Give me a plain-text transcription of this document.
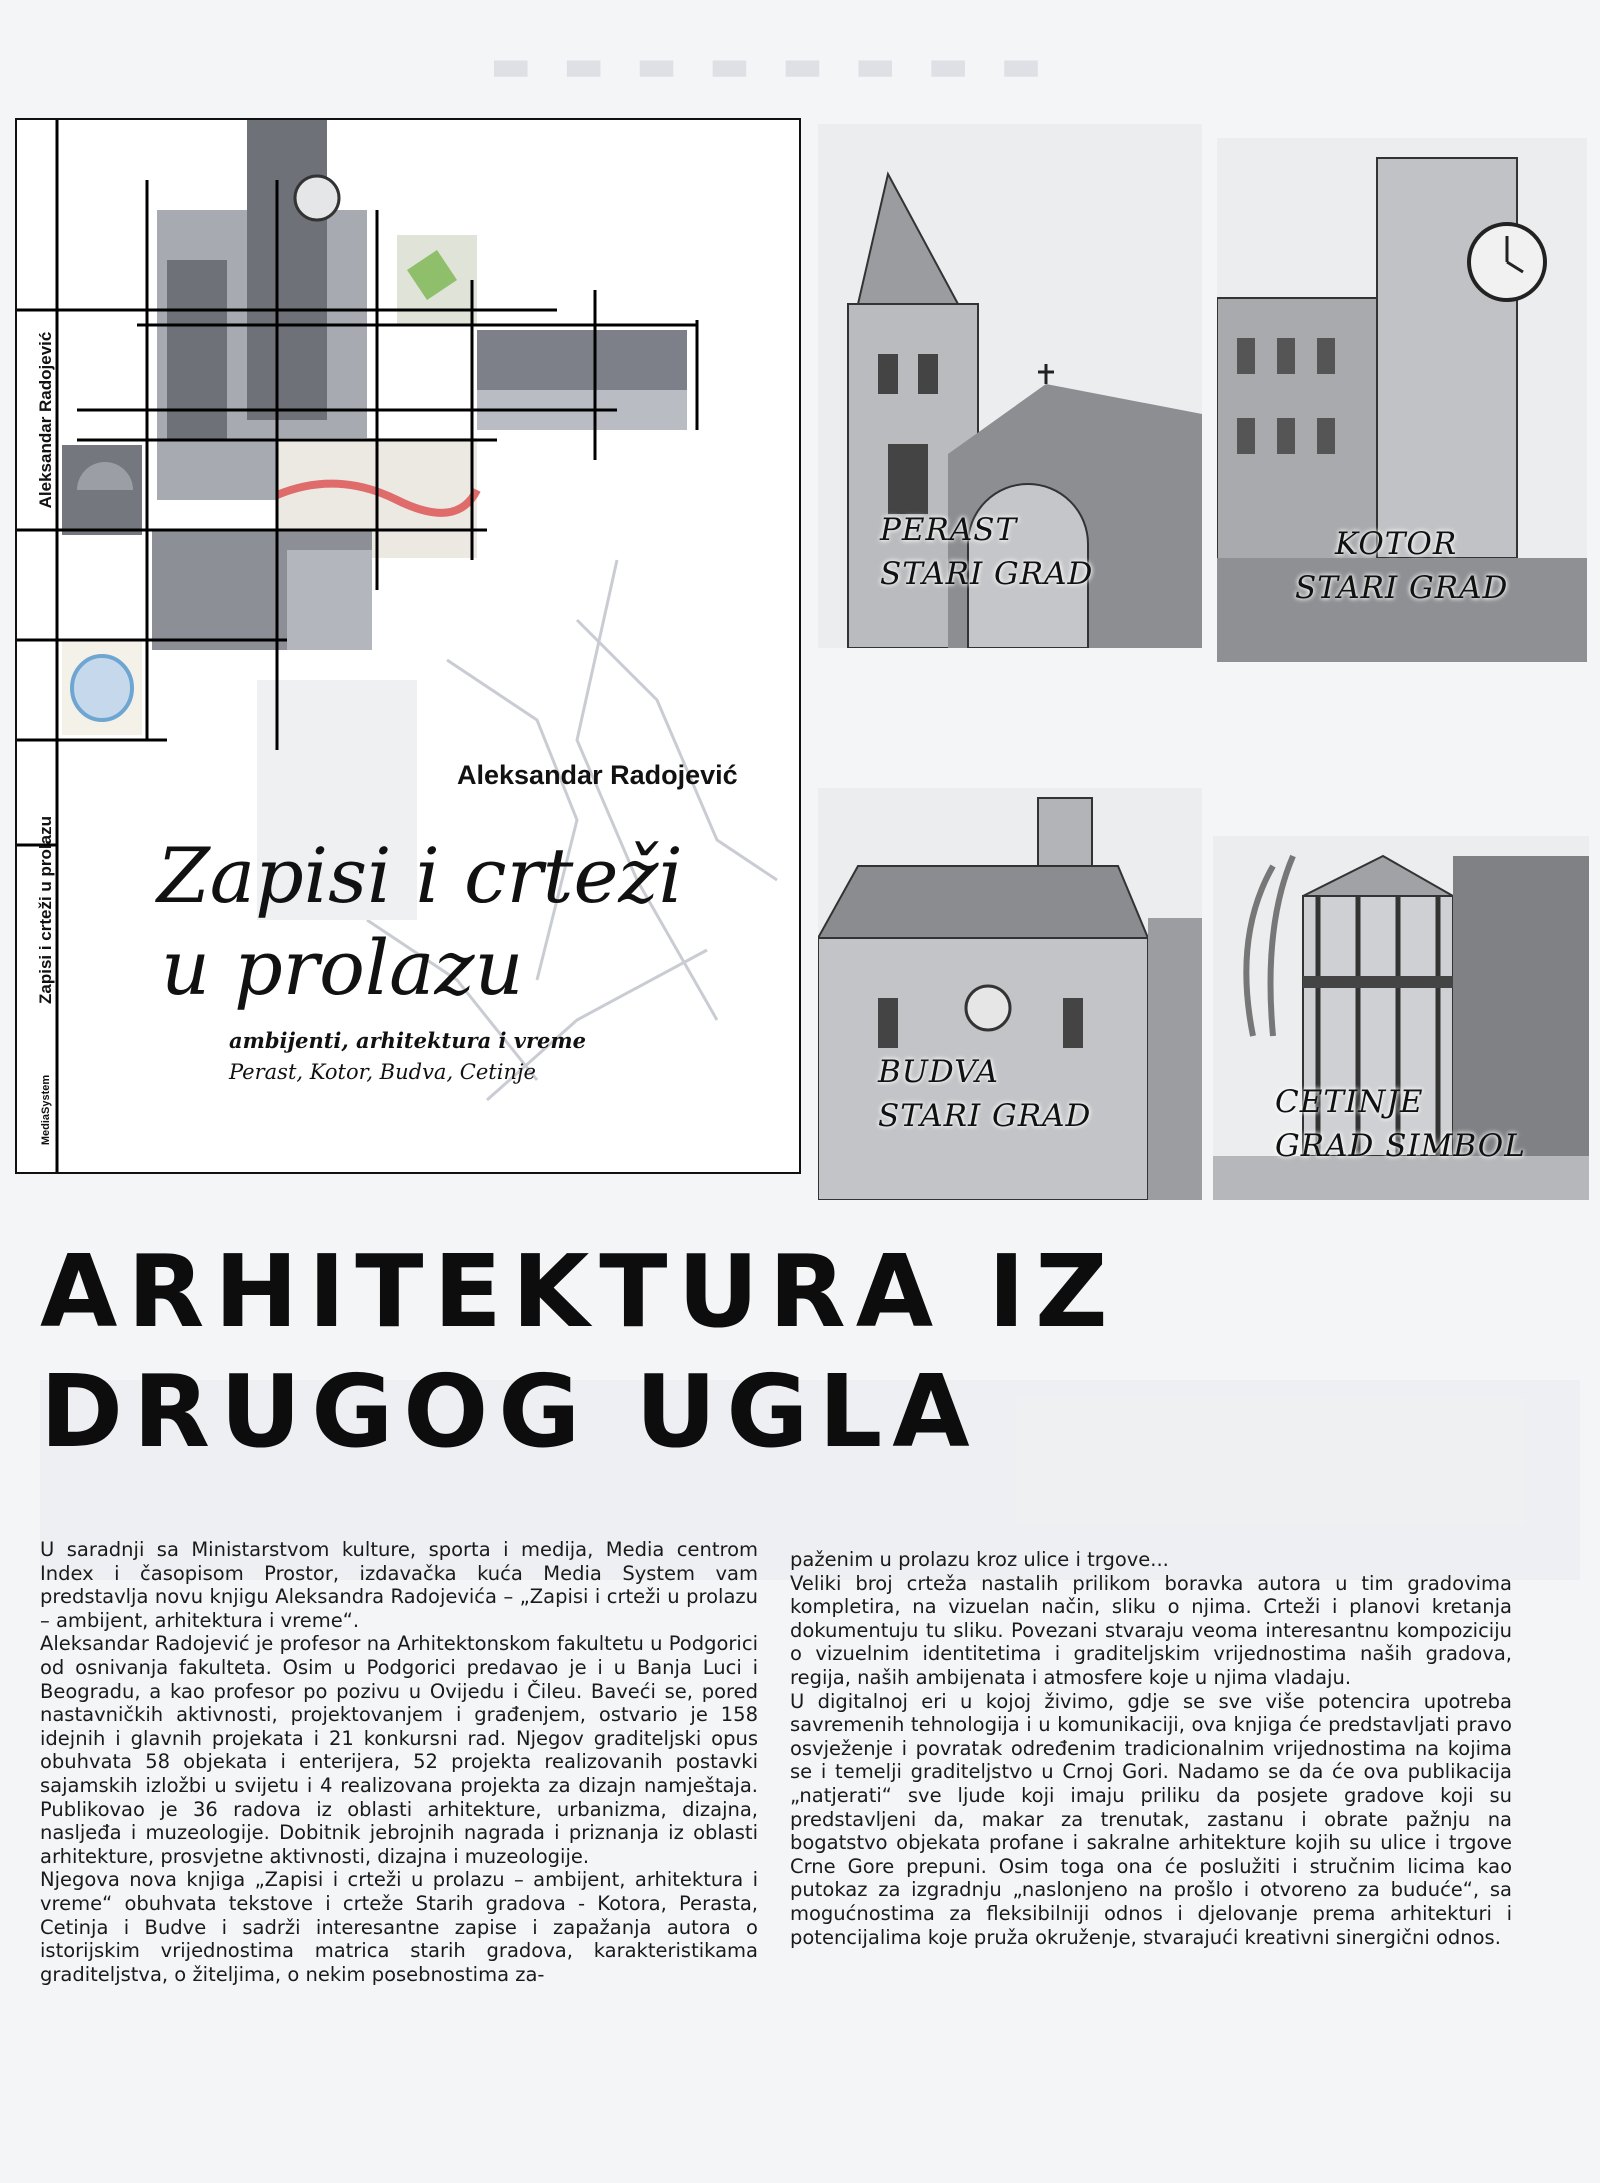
▬ ▬ ▬ ▬ ▬ ▬ ▬ ▬
Aleksandar Radojević
Zapisi i crteži u prolazu
MediaSystem
Aleksandar Radojević
Zapisi i crteži
u prolazu
ambijenti, arhitektura i vreme
Perast, Kotor, Budva, Cetinje
PERAST
STARI GRAD
KOTOR
STARI GRAD
BUDVA
STARI GRAD	CETINJE
GRAD SIMBOL
ARHITEKTURA IZ
DRUGOG UGLA

U saradnji sa Ministarstvom kulture, sporta i medija, Media centrom Index i časopisom Prostor, izdavačka kuća Media System vam predstavlja novu knjigu Aleksandra Radojevića – „Zapisi i crteži u prolazu – ambijent, arhitektura i vreme“.

Aleksandar Radojević je profesor na Arhitektonskom fakultetu u Podgorici od osnivanja fakulteta. Osim u Podgorici predavao je i u Banja Luci i Beogradu, a kao profesor po pozivu u Ovijedu i Čileu. Baveći se, pored nastavničkih aktivnosti, projektovanjem i građenjem, ostvario je 158 idejnih i glavnih projekata i 21 konkursni rad. Njegov graditeljski opus obuhvata 58 objekata i enterijera, 52 projekta realizovanih postavki sajamskih izložbi u svijetu i 4 realizovana projekta za dizajn namještaja. Publikovao je 36 radova iz oblasti arhitekture, urbanizma, dizajna, nasljeđa i muzeologije. Dobitnik jebrojnih nagrada i priznanja iz oblasti arhitekture, prosvjetne aktivnosti, dizajna i muzeologije.

Njegova nova knjiga „Zapisi i crteži u prolazu – ambijent, arhitektura i vreme“ obuhvata tekstove i crteže Starih gradova - Kotora, Perasta, Cetinja i Budve i sadrži interesantne zapise i zapažanja autora o istorijskim vrijednostima matrica starih gradova, karakteristikama graditeljstva, o žiteljima, o nekim posebnostima za-

paženim u prolazu kroz ulice i trgove...

Veliki broj crteža nastalih prilikom boravka autora u tim gradovima kompletira, na vizuelan način, sliku o njima. Crteži i planovi kretanja dokumentuju tu sliku. Povezani stvaraju veoma interesantnu kompoziciju o vizuelnim identitetima i graditeljskim vrijednostima naših gradova, regija, naših ambijenata i atmosfere koje u njima vladaju.

U digitalnoj eri u kojoj živimo, gdje se sve više potencira upotreba savremenih tehnologija i u komunikaciji, ova knjiga će predstavljati pravo osvježenje i povratak određenim tradicionalnim vrijednostima na kojima se i temelji graditeljstvo u Crnoj Gori. Nadamo se da će ova publikacija „natjerati“ sve ljude koji imaju priliku da posjete gradove koji su predstavljeni da, makar za trenutak, zastanu i obrate pažnju na bogatstvo objekata profane i sakralne arhitekture kojih su ulice i trgove Crne Gore prepuni. Osim toga ona će poslužiti i stručnim licima kao putokaz za izgradnju „naslonjeno na prošlo i otvoreno za buduće“, sa mogućnostima za fleksibilniji odnos i djelovanje prema arhitekturi i potencijalima koje pruža okruženje, stvarajući kreativni sinergični odnos.
